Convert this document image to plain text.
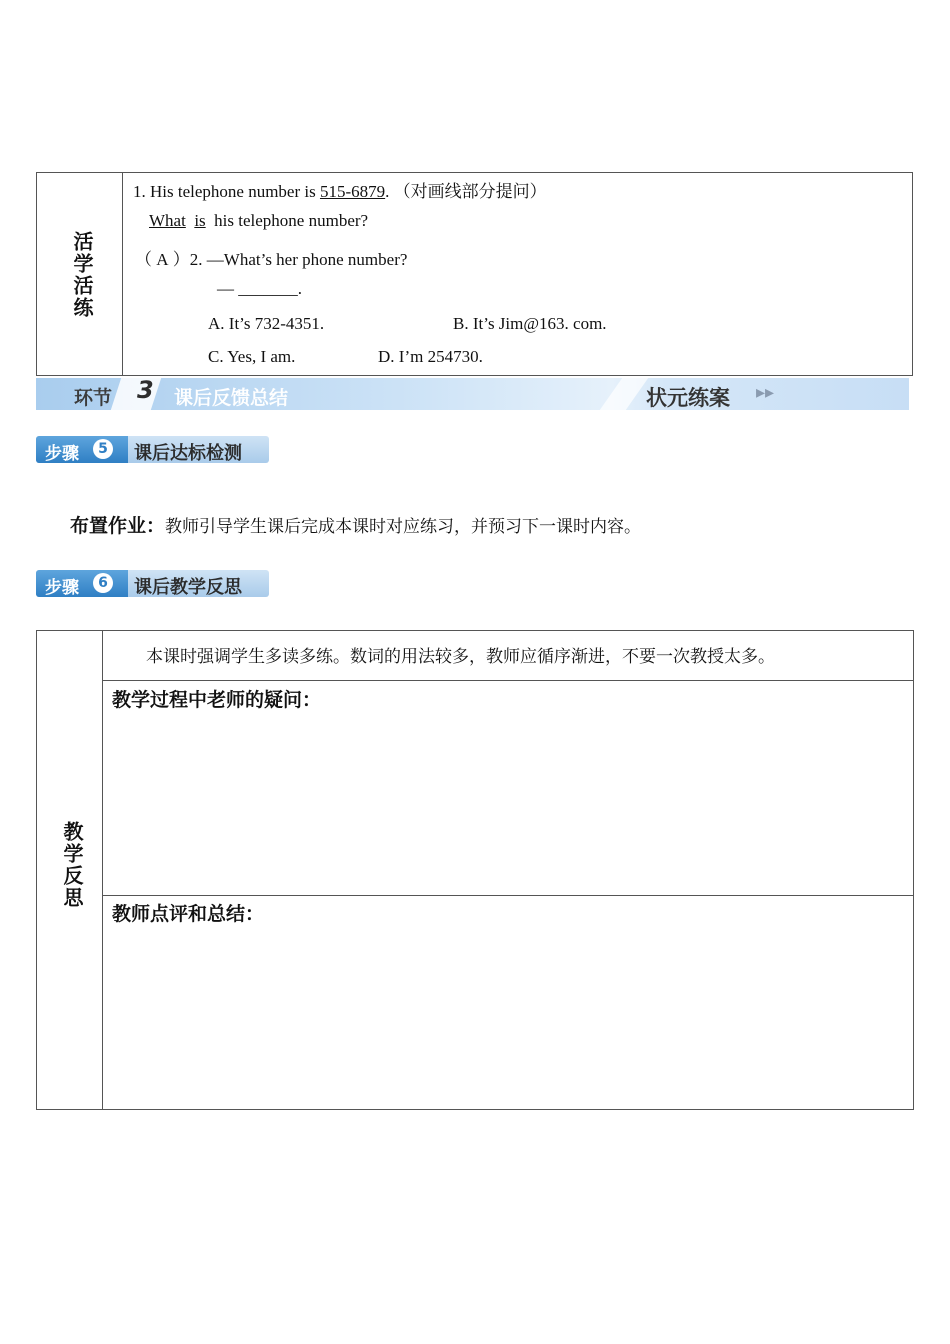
活学活练
1. His telephone number is 515-6879. （对画线部分提问）
What is his telephone number?
（ A ）2. —What’s her phone number?
— _______.
A. It’s 732-4351.	B. It’s Jim@163. com.
C. Yes, I am.	D. I’m 254730.
环节 3 课后反馈总结	状元练案 ▸▸
步骤	5 课后达标检测
布置作业：教师引导学生课后完成本课时对应练习，并预习下一课时内容。
步骤	6 课后教学反思
教学反思
本课时强调学生多读多练。数词的用法较多，教师应循序渐进，不要一次教授太多。
教学过程中老师的疑问：
教师点评和总结：
